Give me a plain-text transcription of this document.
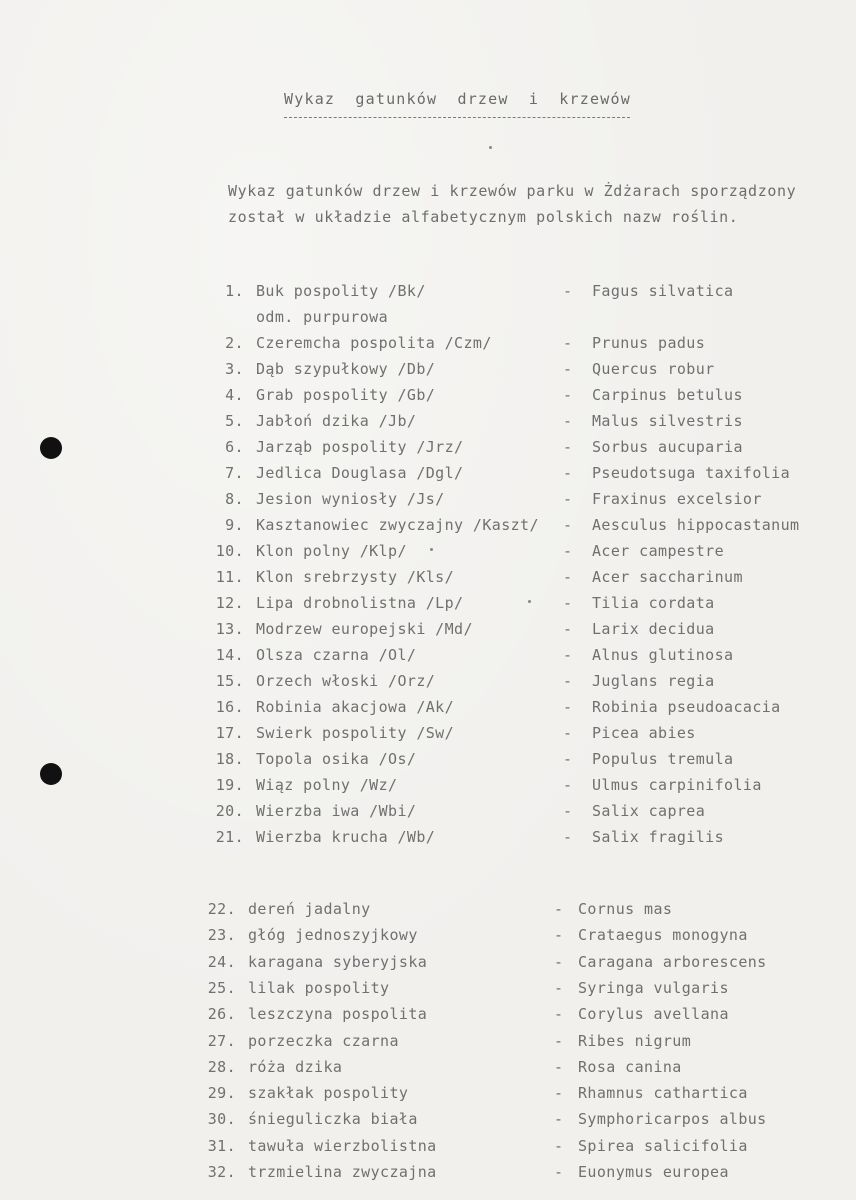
Wykaz gatunków drzew i krzewów
Wykaz gatunków drzew i krzewów parku w Żdżarach sporządzony
został w układzie alfabetycznym polskich nazw roślin.
1. Buk pospolity /Bk/	- Fagus silvatica
odm. purpurowa
2. Czeremcha pospolita /Czm/	- Prunus padus
3. Dąb szypułkowy /Db/	- Quercus robur
4. Grab pospolity /Gb/	- Carpinus betulus
5. Jabłoń dzika /Jb/	- Malus silvestris
6. Jarząb pospolity /Jrz/	- Sorbus aucuparia
7. Jedlica Douglasa /Dgl/	- Pseudotsuga taxifolia
8. Jesion wyniosły /Js/	- Fraxinus excelsior
9. Kasztanowiec zwyczajny /Kaszt/ - Aesculus hippocastanum
10. Klon polny /Klp/	- Acer campestre
11. Klon srebrzysty /Kls/	- Acer saccharinum
12. Lipa drobnolistna /Lp/	- Tilia cordata
13. Modrzew europejski /Md/	- Larix decidua
14. Olsza czarna /Ol/	- Alnus glutinosa
15. Orzech włoski /Orz/	- Juglans regia
16. Robinia akacjowa /Ak/	- Robinia pseudoacacia
17. Swierk pospolity /Sw/	- Picea abies
18. Topola osika /Os/	- Populus tremula
19. Wiąz polny /Wz/	- Ulmus carpinifolia
20. Wierzba iwa /Wbi/	- Salix caprea
21. Wierzba krucha /Wb/	- Salix fragilis
22. dereń jadalny	- Cornus mas
23. głóg jednoszyjkowy	- Crataegus monogyna
24. karagana syberyjska	- Caragana arborescens
25. lilak pospolity	- Syringa vulgaris
26. leszczyna pospolita	- Corylus avellana
27. porzeczka czarna	- Ribes nigrum
28. róża dzika	- Rosa canina
29. szakłak pospolity	- Rhamnus cathartica
30. śnieguliczka biała	- Symphoricarpos albus
31. tawuła wierzbolistna	- Spirea salicifolia
32. trzmielina zwyczajna	- Euonymus europea
